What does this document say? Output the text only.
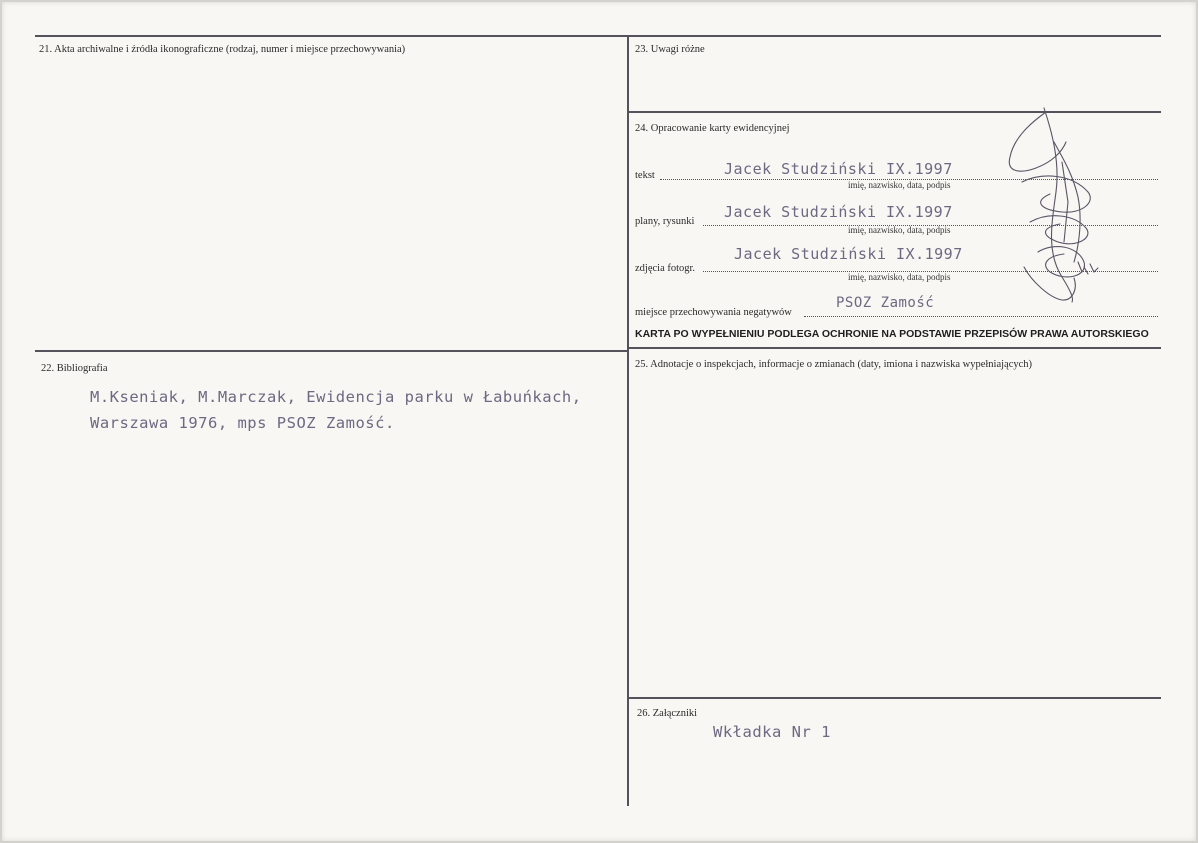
21. Akta archiwalne i źródła ikonograficzne (rodzaj, numer i miejsce przechowywania)	23. Uwagi różne
24. Opracowanie karty ewidencyjnej
tekst	Jacek Studziński IX.1997
imię, nazwisko, data, podpis
plany, rysunki
Jacek Studziński IX.1997
imię, nazwisko, data, podpis
zdjęcia fotogr.
Jacek Studziński IX.1997
imię, nazwisko, data, podpis
miejsce przechowywania negatywów
PSOZ Zamość
KARTA PO WYPEŁNIENIU PODLEGA OCHRONIE NA PODSTAWIE PRZEPISÓW PRAWA AUTORSKIEGO
22. Bibliografia
M.Kseniak, M.Marczak, Ewidencja parku w Łabuńkach,
Warszawa 1976, mps PSOZ Zamość.
25. Adnotacje o inspekcjach, informacje o zmianach (daty, imiona i nazwiska wypełniających)
26. Załączniki
Wkładka Nr 1
